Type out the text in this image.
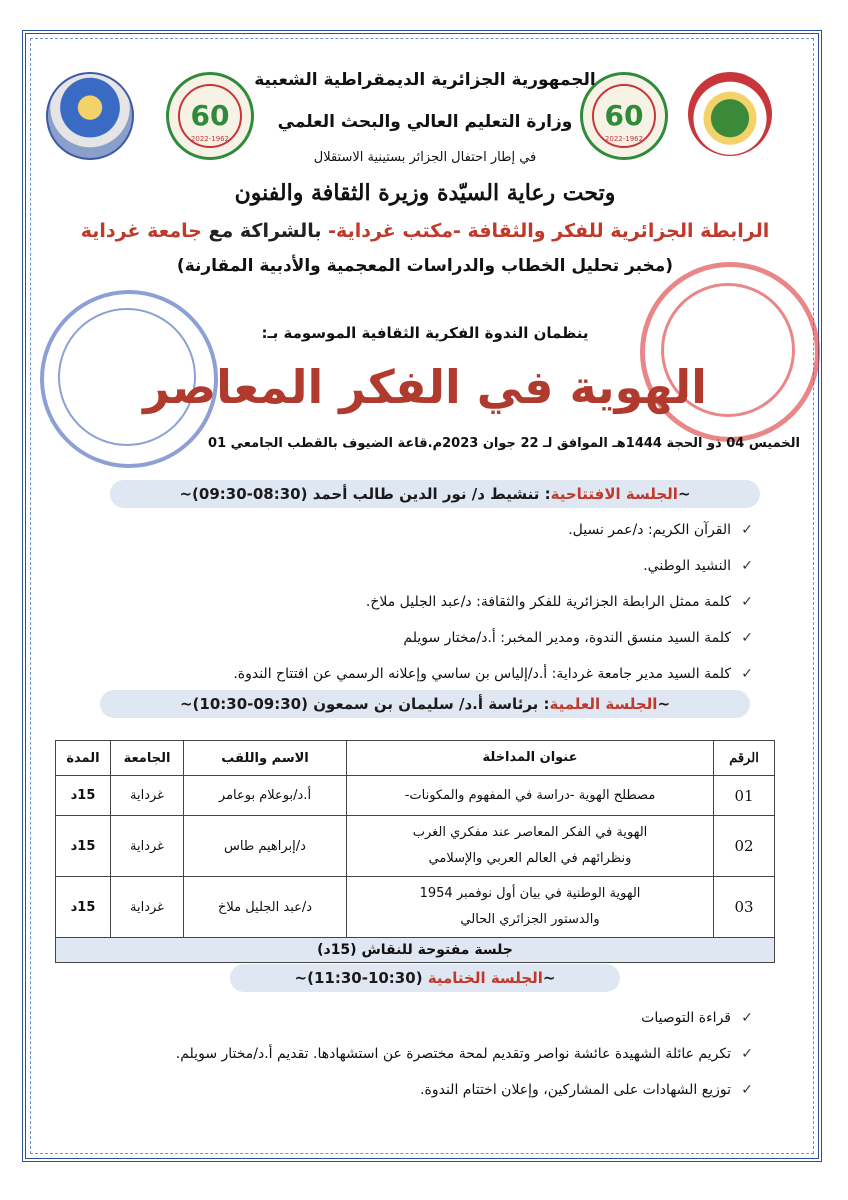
60
2022-1962
60
2022-1962
الجمهورية الجزائرية الديمقراطية الشعبية
وزارة التعليم العالي والبحث العلمي
في إطار احتفال الجزائر بستينية الاستقلال
وتحت رعاية السيّدة وزيرة الثقافة والفنون
الرابطة الجزائرية للفكر والثقافة -مكتب غرداية- بالشراكة مع جامعة غرداية
(مخبر تحليل الخطاب والدراسات المعجمية والأدبية المقارنة)
ينظمان الندوة الفكرية الثقافية الموسومة بـ:
الهوية في الفكر المعاصر
الخميس 04 ذو الحجة 1444هـ الموافق لـ 22 جوان 2023م.قاعة الضيوف بالقطب الجامعي 01
~الجلسة الافتتاحية: تنشيط د/ نور الدين طالب أحمد (08:30-09:30)~
✓
القرآن الكريم: د/عمر نسيل.
✓
النشيد الوطني.
✓
كلمة ممثل الرابطة الجزائرية للفكر والثقافة: د/عبد الجليل ملاخ.
✓
كلمة السيد منسق الندوة، ومدير المخبر: أ.د/مختار سويلم
✓
كلمة السيد مدير جامعة غرداية: أ.د/إلياس بن ساسي وإعلانه الرسمي عن افتتاح الندوة.
~الجلسة العلمية: برئاسة أ.د/ سليمان بن سمعون (09:30-10:30)~
الرقم	عنوان المداخلة	الاسم واللقب	الجامعة	المدة
01	مصطلح الهوية -دراسة في المفهوم والمكونات-	أ.د/بوعلام بوعامر	غرداية	15د
02	الهوية في الفكر المعاصر عند مفكري الغرب
ونظرائهم في العالم العربي والإسلامي	د/إبراهيم طاس	غرداية	15د
03	الهوية الوطنية في بيان أول نوفمبر 1954
والدستور الجزائري الحالي	د/عبد الجليل ملاخ	غرداية	15د
جلسة مفتوحة للنقاش (15د)				
~الجلسة الختامية (10:30-11:30)~
✓
قراءة التوصيات
✓
تكريم عائلة الشهيدة عائشة نواصر وتقديم لمحة مختصرة عن استشهادها. تقديم أ.د/مختار سويلم.
✓
توزيع الشهادات على المشاركين، وإعلان اختتام الندوة.
